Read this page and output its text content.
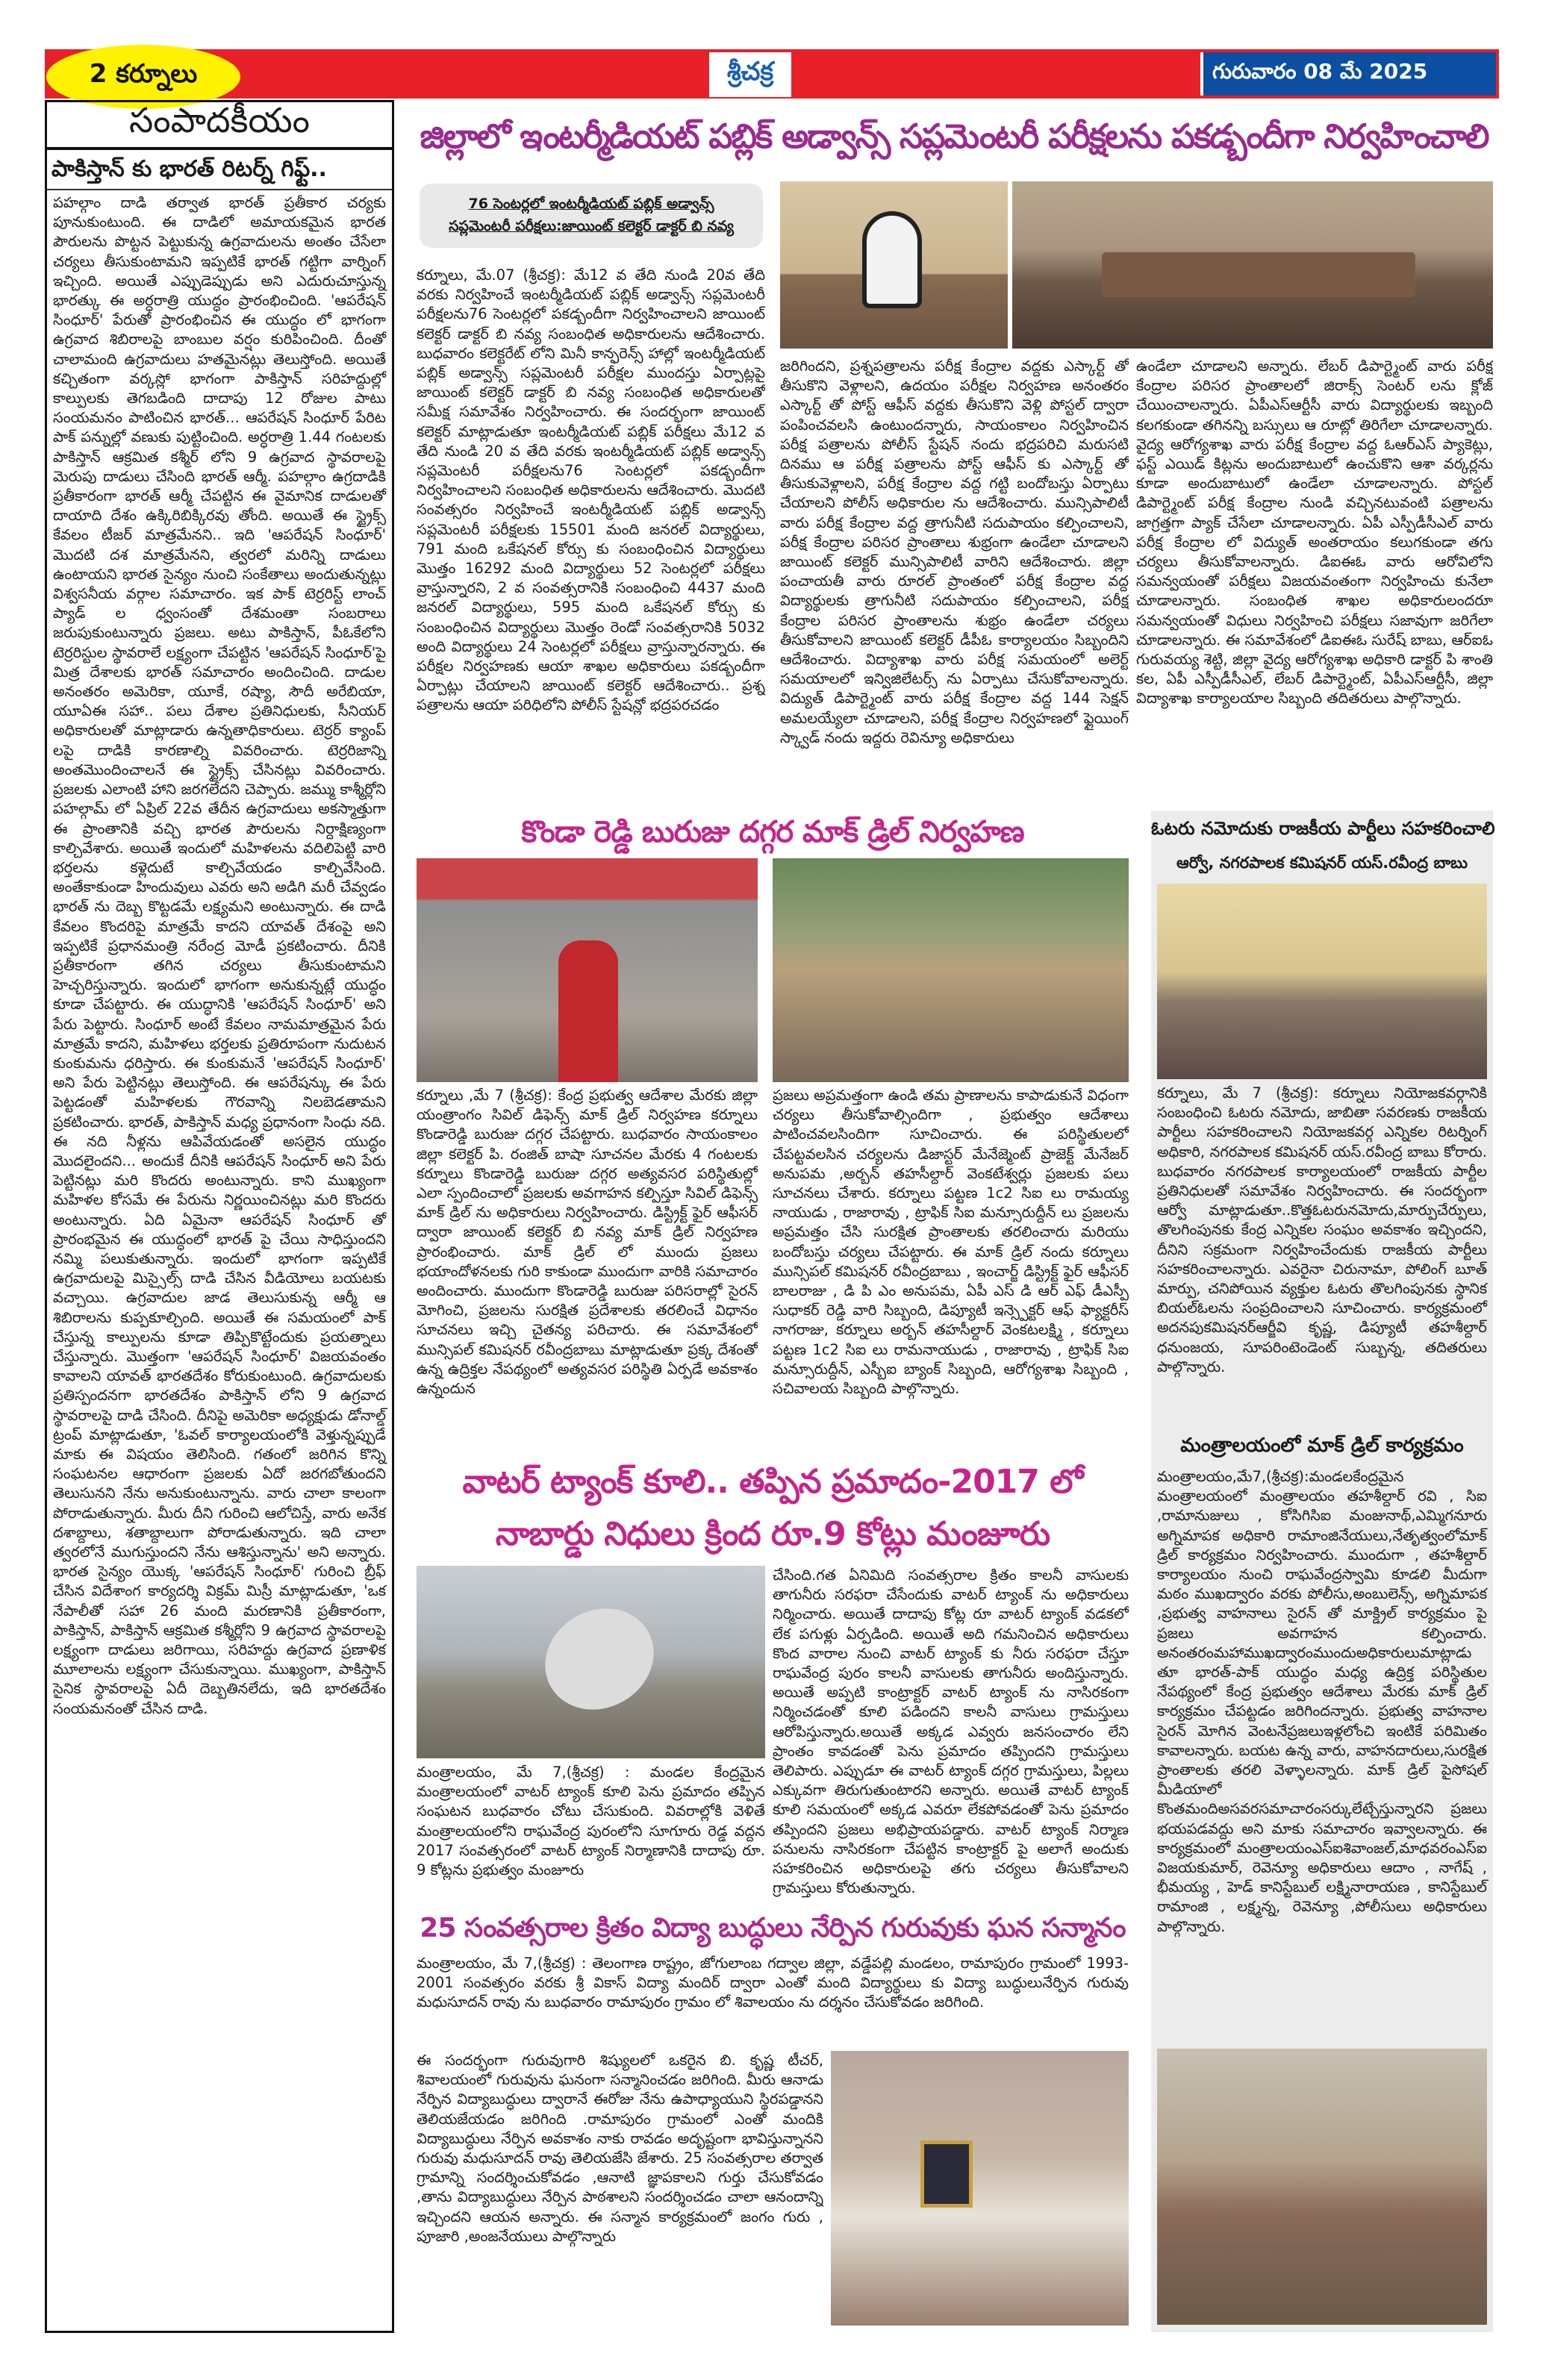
2 కర్నూలు	శ్రీచక్ర	గురువారం 08 మే 2025
సంపాదకీయం
పాకిస్తాన్ కు భారత్ రిటర్న్ గిఫ్ట్..
పహల్గాం దాడి తర్వాత భారత్ ప్రతీకార చర్యకు పూనుకుంటుంది. ఈ దాడిలో అమాయకమైన భారత పౌరులను పొట్టన పెట్టుకున్న ఉగ్రవాదులను అంతం చేసేలా చర్యలు తీసుకుంటామని ఇప్పటికే భారత్ గట్టిగా వార్నింగ్ ఇచ్చింది. అయితే ఎప్పుడెప్పుడు అని ఎదురుచూస్తున్న భారత్కు ఈ అర్ధరాత్రి యుద్ధం ప్రారంభించింది. 'ఆపరేషన్ సింధూర్' పేరుతో ప్రారంభించిన ఈ యుద్ధం లో భాగంగా ఉగ్రవాద శిబిరాలపై బాంబుల వర్షం కురిపించింది. దీంతో చాలామంది ఉగ్రవాదులు హతమైనట్లు తెలుస్తోంది. అయితే కచ్చితంగా వర్కస్లో భాగంగా పాకిస్తాన్ సరిహద్దుల్లో కాల్పులకు తెగబడింది దాదాపు 12 రోజుల పాటు సంయమనం పాటించిన భారత్... ఆపరేషన్ సింధూర్ పేరిట పాక్ పన్నుల్లో వణుకు పుట్టించింది. అర్ధరాత్రి 1.44 గంటలకు పాకిస్తాన్ ఆక్రమిత కశ్మీర్ లోని 9 ఉగ్రవాద స్థావరాలపై మెరుపు దాడులు చేసింది భారత్ ఆర్మీ. పహల్గాం ఉగ్రదాడికి ప్రతీకారంగా భారత్ ఆర్మీ చేపట్టిన ఈ వైమానిక దాడులతో దాయాది దేశం ఉక్కిరిబిక్కిరవు తోంది. అయితే ఈ స్ట్రైక్స్ కేవలం టీజర్ మాత్రమేనని.. ఇది 'ఆపరేషన్ సింధూర్' మొదటి దశ మాత్రమేనని, త్వరలో మరిన్ని దాడులు ఉంటాయని భారత సైన్యం నుంచి సంకేతాలు అందుతున్నట్లు విశ్వసనీయ వర్గాల సమాచారం. ఇక పాక్ టెర్రరిస్ట్ లాంచ్ ప్యాడ్ ల ధ్వంసంతో దేశమంతా సంబరాలు జరుపుకుంటున్నారు ప్రజలు. అటు పాకిస్తాన్, పీఓకేలోని టెర్రరిస్టుల స్థావరాలే లక్ష్యంగా చేపట్టిన 'ఆపరేషన్ సింధూర్'పై మిత్ర దేశాలకు భారత్ సమాచారం అందించింది. దాడుల అనంతరం అమెరికా, యూకే, రష్యా, సౌదీ అరేబియా, యూఏఈ సహా.. పలు దేశాల ప్రతినిధులకు, సీనియర్ అధికారులతో మాట్లాడారు ఉన్నతాధికారులు. టెర్రర్ క్యాంప్ లపై దాడికి కారణాల్ని వివరించారు. టెర్రరిజాన్ని అంతమొందించాలనే ఈ స్ట్రైక్స్ చేసినట్లు వివరించారు. ప్రజలకు ఎలాంటి హాని జరగలేదని చెప్పారు. జమ్ము కాశ్మీర్లోని పహల్గామ్ లో ఏప్రిల్ 22వ తేదీన ఉగ్రవాదులు అకస్మాత్తుగా ఈ ప్రాంతానికి వచ్చి భారత పౌరులను నిర్దాక్షిణ్యంగా కాల్చివేశారు. అయితే ఇందులో మహిళలను వదిలిపెట్టి వారి భర్తలను కళ్లెదుటే కాల్చివేయడం కాల్చివేసింది. అంతేకాకుండా హిందువులు ఎవరు అని అడిగి మరీ చేవ్వడం భారత్ ను దెబ్బ కొట్టడమే లక్ష్యమని అంటున్నారు. ఈ దాడి కేవలం కొందరిపై మాత్రమే కాదని యావత్ దేశంపై అని ఇప్పటికే ప్రధానమంత్రి నరేంద్ర మోడీ ప్రకటించారు. దీనికి ప్రతీకారంగా తగిన చర్యలు తీసుకుంటామని హెచ్చరిస్తున్నారు. ఇందులో భాగంగా అనుకున్నట్లే యుద్ధం కూడా చేపట్టారు. ఈ యుద్ధానికి 'ఆపరేషన్ సింధూర్' అని పేరు పెట్టారు. సింధూర్ అంటే కేవలం నామమాత్రమైన పేరు మాత్రమే కాదని, మహిళలు భర్తలకు ప్రతిరూపంగా నుదుటన కుంకుమను ధరిస్తారు. ఈ కుంకుమనే 'ఆపరేషన్ సింధూర్' అని పేరు పెట్టినట్లు తెలుస్తోంది. ఈ ఆపరేషన్కు ఈ పేరు పెట్టడంతో మహిళలకు గౌరవాన్ని నిలబెడతామని ప్రకటించారు. భారత్, పాకిస్తాన్ మధ్య ప్రధానంగా సింధు నది. ఈ నది నీళ్లను ఆపివేయడంతో అసలైన యుద్ధం మొదలైందని... అందుకే దీనికి ఆపరేషన్ సింధూర్ అని పేరు పెట్టినట్లు మరి కొందరు అంటున్నారు. కాని ముఖ్యంగా మహిళల కోసమే ఈ పేరును నిర్ణయించినట్లు మరి కొందరు అంటున్నారు. ఏది ఏమైనా ఆపరేషన్ సింధూర్ తో ప్రారంభమైన ఈ యుద్ధంలో భారత్ పై చేయి సాధిస్తుందని నమ్మి పలుకుతున్నారు. ఇందులో భాగంగా ఇప్పటికే ఉగ్రవాదులపై మిస్సైల్స్ దాడి చేసిన వీడియోలు బయటకు వచ్చాయి. ఉగ్రవాదుల జాడ తెలుసుకున్న ఆర్మీ ఆ శిబిరాలను కుప్పకూల్చింది. అయితే ఈ సమయంలో పాక్ చేస్తున్న కాల్పులను కూడా తిప్పికొట్టేందుకు ప్రయత్నాలు చేస్తున్నారు. మొత్తంగా 'ఆపరేషన్ సింధూర్' విజయవంతం కావాలని యావత్ భారతదేశం కోరుకుంటుంది. ఉగ్రవాదులకు ప్రతిస్పందనగా భారతదేశం పాకిస్తాన్ లోని 9 ఉగ్రవాద స్థావరాలపై దాడి చేసింది. దీనిపై అమెరికా అధ్యక్షుడు డోనాల్డ్ ట్రంప్ మాట్లాడుతూ, 'ఓవల్ కార్యాలయంలోకి వెళ్తున్నప్పుడే మాకు ఈ విషయం తెలిసింది. గతంలో జరిగిన కొన్ని సంఘటనల ఆధారంగా ప్రజలకు ఏదో జరగబోతుందని తెలుసునని నేను అనుకుంటున్నాను. వారు చాలా కాలంగా పోరాడుతున్నారు. మీరు దీని గురించి ఆలోచిస్తే, వారు అనేక దశాబ్దాలు, శతాబ్దాలుగా పోరాడుతున్నారు. ఇది చాలా త్వరలోనే ముగుస్తుందని నేను ఆశిస్తున్నాను' అని అన్నారు. భారత సైన్యం యొక్క 'ఆపరేషన్ సింధూర్' గురించి బ్రీఫ్ చేసిన విదేశాంగ కార్యదర్శి విక్రమ్ మిస్రీ మాట్లాడుతూ, 'ఒక నేపాలీతో సహా 26 మంది మరణానికి ప్రతీకారంగా, పాకిస్తాన్, పాకిస్తాన్ ఆక్రమిత కశ్మీర్లోని 9 ఉగ్రవాద స్థావరాలపై లక్ష్యంగా దాడులు జరిగాయి, సరిహద్దు ఉగ్రవాద ప్రణాళిక మూలాలను లక్ష్యంగా చేసుకున్నాయి. ముఖ్యంగా, పాకిస్తాన్ సైనిక స్థావరాలపై ఏదీ దెబ్బతినలేదు, ఇది భారతదేశం సంయమనంతో చేసిన దాడి.
జిల్లాలో ఇంటర్మీడియట్ పబ్లిక్ అడ్వాన్స్ సప్లమెంటరీ పరీక్షలను పకడ్బందీగా నిర్వహించాలి
76 సెంటర్లలో ఇంటర్మీడియట్ పబ్లిక్ అడ్వాన్స్
సప్లమెంటరీ పరీక్షలు:జాయింట్ కలెక్టర్ డాక్టర్ బి నవ్య
కర్నూలు, మే.07 (శ్రీచక్ర): మే12 వ తేది నుండి 20వ తేది వరకు నిర్వహించే ఇంటర్మీడియట్ పబ్లిక్ అడ్వాన్స్ సప్లమెంటరీ పరీక్షలను76 సెంటర్లలో పకడ్బందీగా నిర్వహించాలని జాయింట్ కలెక్టర్ డాక్టర్ బి నవ్య సంబంధిత అధికారులను ఆదేశించారు. బుధవారం కలెక్టరేట్ లోని మినీ కాన్ఫరెన్స్ హాల్లో ఇంటర్మీడియట్ పబ్లిక్ అడ్వాన్స్ సప్లమెంటరీ పరీక్షల ముందస్తు ఏర్పాట్లపై జాయింట్ కలెక్టర్ డాక్టర్ బి నవ్య సంబంధిత అధికారులతో సమీక్ష సమావేశం నిర్వహించారు. ఈ సందర్భంగా జాయింట్ కలెక్టర్ మాట్లాడుతూ ఇంటర్మీడియట్ పబ్లిక్ పరీక్షలు మే12 వ తేది నుండి 20 వ తేది వరకు ఇంటర్మీడియట్ పబ్లిక్ అడ్వాన్స్ సప్లమెంటరీ పరీక్షలను76 సెంటర్లలో పకడ్బందీగా నిర్వహించాలని సంబంధిత అధికారులను ఆదేశించారు. మొదటి సంవత్సరం నిర్వహించే ఇంటర్మీడియట్ పబ్లిక్ అడ్వాన్స్ సప్లమెంటరీ పరీక్షలకు 15501 మంది జనరల్ విద్యార్థులు, 791 మంది ఒకేషనల్ కోర్సు కు సంబంధించిన విద్యార్థులు మొత్తం 16292 మంది విద్యార్థులు 52 సెంటర్లలో పరీక్షలు వ్రాస్తున్నారని, 2 వ సంవత్సరానికి సంబంధించి 4437 మంది జనరల్ విద్యార్థులు, 595 మంది ఒకేషనల్ కోర్సు కు సంబంధించిన విద్యార్థులు మొత్తం రెండో సంవత్సరానికి 5032 అంది విద్యార్థులు 24 సెంటర్లలో పరీక్షలు వ్రాస్తున్నారన్నారు. ఈ పరీక్షల నిర్వహణకు ఆయా శాఖల అధికారులు పకడ్బందీగా ఏర్పాట్లు చేయాలని జాయింట్ కలెక్టర్ ఆదేశించారు.. ప్రశ్న పత్రాలను ఆయా పరిధిలోని పోలీస్ స్టేషన్లో భద్రపరచడం
జరిగిందని, ప్రశ్నపత్రాలను పరీక్ష కేంద్రాల వద్దకు ఎస్కార్ట్ తో తీసుకొని వెళ్లాలని, ఉదయం పరీక్షల నిర్వహణ అనంతరం ఎస్కార్ట్ తో పోస్ట్ ఆఫీస్ వద్దకు తీసుకొని వెళ్లి పోస్టల్ ద్వారా పంపించవలసి ఉంటుందన్నారు, సాయంకాలం నిర్వహించిన పరీక్ష పత్రాలను పోలీస్ స్టేషన్ నందు భద్రపరిచి మరుసటి దినము ఆ పరీక్ష పత్రాలను పోస్ట్ ఆఫీస్ కు ఎస్కార్ట్ తో తీసుకువెళ్లాలని, పరీక్ష కేంద్రాల వద్ద గట్టి బందోబస్తు ఏర్పాటు చేయాలని పోలీస్ అధికారుల ను ఆదేశించారు. మున్సిపాలిటీ వారు పరీక్ష కేంద్రాల వద్ద త్రాగునీటి సదుపాయం కల్పించాలని, పరీక్ష కేంద్రాల పరిసర ప్రాంతాలు శుభ్రంగా ఉండేలా చూడాలని జాయింట్ కలెక్టర్ మున్సిపాలిటీ వారిని ఆదేశించారు. జిల్లా పంచాయతీ వారు రూరల్ ప్రాంతంలో పరీక్ష కేంద్రాల వద్ద విద్యార్థులకు త్రాగునీటి సదుపాయం కల్పించాలని, పరీక్ష కేంద్రాల పరిసర ప్రాంతాలను శుభ్రం ఉండేలా చర్యలు తీసుకోవాలని జాయింట్ కలెక్టర్ డీపీఓ కార్యాలయం సిబ్బందిని ఆదేశించారు. విద్యాశాఖ వారు పరీక్ష సమయంలో అలెర్ట్ సమయాలలో ఇన్విజిలేటర్స్ ను ఏర్పాటు చేసుకోవాలన్నారు. విద్యుత్ డిపార్ట్మెంట్ వారు పరీక్ష కేంద్రాల వద్ద 144 సెక్షన్ అమలయ్యేలా చూడాలని, పరీక్ష కేంద్రాల నిర్వహణలో ఫ్లైయింగ్ స్క్వాడ్ నందు ఇద్దరు రెవిన్యూ అధికారులు
ఉండేలా చూడాలని అన్నారు. లేబర్ డిపార్ట్మెంట్ వారు పరీక్ష కేంద్రాల పరిసర ప్రాంతాలలో జిరాక్స్ సెంటర్ లను క్లోజ్ చేయించాలన్నారు. ఏపీఎస్ఆర్టీసీ వారు విద్యార్థులకు ఇబ్బంది కలగకుండా తగినన్ని బస్సులు ఆ రూట్లో తిరిగేలా చూడాలన్నారు. వైద్య ఆరోగ్యశాఖ వారు పరీక్ష కేంద్రాల వద్ద ఓఆర్ఎస్ ప్యాకెట్లు, ఫస్ట్ ఎయిడ్ కిట్లను అందుబాటులో ఉంచుకొని ఆశా వర్కర్లను కూడా అందుబాటులో ఉండేలా చూడాలన్నారు. పోస్టల్ డిపార్ట్మెంట్ పరీక్ష కేంద్రాల నుండి వచ్చినటువంటి పత్రాలను జాగ్రత్తగా ప్యాక్ చేసేలా చూడాలన్నారు. ఏపీ ఎస్పీడీసీఎల్ వారు పరీక్ష కేంద్రాల లో విద్యుత్ అంతరాయం కలుగకుండా తగు చర్యలు తీసుకోవాలన్నారు. డిఐఈఓ వారు ఆరోవిలోని సమన్వయంతో పరీక్షలు విజయవంతంగా నిర్వహించు కునేలా చూడాలన్నారు. సంబంధిత శాఖల అధికారులందరూ సమన్వయంతో విధులు నిర్వహించి పరీక్షలు సజావుగా జరిగేలా చూడాలన్నారు. ఈ సమావేశంలో డిఐఈఓ సురేష్ బాబు, ఆర్ఐఓ గురువయ్య శెట్టి, జిల్లా వైద్య ఆరోగ్యశాఖ అధికారి డాక్టర్ పి శాంతి కల, ఏపీ ఎస్పీడీసీఎల్, లేబర్ డిపార్ట్మెంట్, ఏపీఎస్ఆర్టీసీ, జిల్లా విద్యాశాఖ కార్యాలయాల సిబ్బంది తదితరులు పాల్గొన్నారు.
కొండా రెడ్డి బురుజు దగ్గర మాక్ డ్రిల్ నిర్వహణ
కర్నూలు ,మే 7 (శ్రీచక్ర): కేంద్ర ప్రభుత్వ ఆదేశాల మేరకు జిల్లా యంత్రాంగం సివిల్ డిఫెన్స్ మాక్ డ్రిల్ నిర్వహణ కర్నూలు కొండారెడ్డి బురుజు దగ్గర చేపట్టారు. బుధవారం సాయంకాలం జిల్లా కలెక్టర్ పి. రంజిత్ బాషా సూచనల మేరకు 4 గంటలకు కర్నూలు కొండారెడ్డి బురుజు దగ్గర అత్యవసర పరిస్థితుల్లో ఎలా స్పందించాలో ప్రజలకు అవగాహన కల్పిస్తూ సివిల్ డిఫెన్స్ మాక్ డ్రిల్ ను అధికారులు నిర్వహించారు. డిస్ట్రిక్ట్ ఫైర్ ఆఫీసర్ ద్వారా జాయింట్ కలెక్టర్ బి నవ్య మాక్ డ్రిల్ నిర్వహణ ప్రారంభించారు. మాక్ డ్రిల్ లో ముందు ప్రజలు భయాందోళనలకు గురి కాకుండా ముందుగా వారికి సమాచారం అందించారు. ముందుగా కొండారెడ్డి బురుజు పరిసరాల్లో సైరన్ మోగించి, ప్రజలను సురక్షిత ప్రదేశాలకు తరలించే విధానం సూచనలు ఇచ్చి చైతన్య పరిచారు. ఈ సమావేశంలో మున్సిపల్ కమిషనర్ రవీంద్రబాబు మాట్లాడుతూ ప్రక్క దేశంతో ఉన్న ఉద్రిక్తల నేపథ్యంలో అత్యవసర పరిస్థితి ఏర్పడే అవకాశం ఉన్నందున
ప్రజలు అప్రమత్తంగా ఉండి తమ ప్రాణాలను కాపాడుకునే విధంగా చర్యలు తీసుకోవాల్సిందిగా , ప్రభుత్వం ఆదేశాలు పాటించవలసిందిగా సూచించారు. ఈ పరిస్థితులలో చేపట్టవలసిన చర్యలను డిజాస్టర్ మేనేజ్మెంట్ ప్రాజెక్ట్ మేనేజర్ అనుపమ ,అర్బన్ తహసీల్దార్ వెంకటేశ్వర్లు ప్రజలకు పలు సూచనలు చేశారు. కర్నూలు పట్టణ 1c2 సిఐ లు రామయ్య నాయుడు , రాజారావు , ట్రాఫిక్ సిఐ మన్సూరుద్దీన్ లు ప్రజలను అప్రమత్తం చేసి సురక్షిత ప్రాంతాలకు తరలించారు మరియు బందోబస్తు చర్యలు చేపట్టారు. ఈ మాక్ డ్రిల్ నందు కర్నూలు మున్సిపల్ కమిషనర్ రవీంద్రబాబు , ఇంచార్జ్ డిస్ట్రిక్ట్ ఫైర్ ఆఫీసర్ బాలరాజు , డి పి ఎం అనుపమ, ఏపీ ఎస్ డి ఆర్ ఎఫ్ డీఎస్పీ సుధాకర్ రెడ్డి వారి సిబ్బంది, డిప్యూటీ ఇన్స్పెక్టర్ ఆఫ్ ఫ్యాక్టరీస్ నాగరాజు, కర్నూలు అర్బన్ తహసీల్దార్ వెంకటలక్ష్మి , కర్నూలు పట్టణ 1c2 సిఐ లు రామనాయుడు , రాజారావు , ట్రాఫిక్ సిఐ మన్సూరుద్దీన్, ఎస్బీఐ బ్యాంక్ సిబ్బంది, ఆరోగ్యశాఖ సిబ్బంది , సచివాలయ సిబ్బంది పాల్గొన్నారు.
ఓటరు నమోదుకు రాజకీయ పార్టీలు సహకరించాలి
ఆర్వో, నగరపాలక కమిషనర్ యస్.రవీంద్ర బాబు
కర్నూలు, మే 7 (శ్రీచక్ర): కర్నూలు నియోజకవర్గానికి సంబంధించి ఓటరు నమోదు, జాబితా సవరణకు రాజకీయ పార్టీలు సహకరించాలని నియోజకవర్గ ఎన్నికల రిటర్నింగ్ అధికారి, నగరపాలక కమిషనర్ యస్.రవీంద్ర బాబు కోరారు. బుధవారం నగరపాలక కార్యాలయంలో రాజకీయ పార్టీల ప్రతినిధులతో సమావేశం నిర్వహించారు. ఈ సందర్భంగా ఆర్వో మాట్లాడుతూ..కొత్తఓటరునమోదు,మార్పుచేర్పులు, తొలగింపునకు కేంద్ర ఎన్నికల సంఘం అవకాశం ఇచ్చిందని, దీనిని సక్రమంగా నిర్వహించేందుకు రాజకీయ పార్టీలు సహకరించాలన్నారు. ఎవరైనా చిరునామా, పోలింగ్ బూత్ మార్పు, చనిపోయిన వ్యక్తుల ఓటరు తొలగింపునకు స్థానిక బియల్ఓలను సంప్రదించాలని సూచించారు. కార్యక్రమంలో అదనపుకమిషనర్ఆర్జీవి కృష్ణ, డిప్యూటీ తహశీల్దార్ ధనుంజయ, సూపరింటెండెంట్ సుబ్బన్న, తదితరులు పాల్గొన్నారు.
మంత్రాలయంలో మాక్ డ్రిల్ కార్యక్రమం
మంత్రాలయం,మే7,(శ్రీచక్ర):మండలకేంద్రమైన మంత్రాలయంలో మంత్రాలయం తహశీల్దార్ రవి , సిఐ ,రామానుజులు , కోసిగిసిఐ మంజునాథ్,ఎమ్మిగనూరు అగ్నిమాపక అధికారి రామాంజినేయులు,నేతృత్వంలోమాక్ డ్రిల్ కార్యక్రమం నిర్వహించారు. ముందుగా , తహశీల్దార్ కార్యాలయం నుంచి రాఘవేంద్రస్వామి కూడలి మీదుగా మఠం ముఖద్వారం వరకు పోలీసు,అంబులెన్స్, అగ్నిమాపక ,ప్రభుత్వ వాహనాలు సైరన్ తో మాక్డ్రిల్ కార్యక్రమం పై ప్రజలు అవగాహన కల్పించారు. అనంతరంమహాముఖద్వారంముందుఅధికారులుమాట్లాడుతూ భారత్-పాక్ యుద్ధం మధ్య ఉద్రిక్త పరిస్థితుల నేపథ్యంలో కేంద్ర ప్రభుత్వం ఆదేశాలు మేరకు మాక్ డ్రిల్ కార్యక్రమం చేపట్టడం జరిగిందన్నారు. ప్రభుత్వ వాహనాల సైరన్ మోగిన వెంటనేప్రజలుఇళ్లలోంచి ఇంటికే పరిమితం కావాలన్నారు. బయట ఉన్న వారు, వాహనదారులు,సురక్షిత ప్రాంతాలకు తరలి వెళ్ళాలన్నారు. మాక్ డ్రిల్ పైసోషల్ మీడియాలో కొంతమందిఅసవరసమాచారంసర్కులేట్చేస్తున్నారని ప్రజలు భయపడవద్దు అని మాకు సమాచారం ఇవ్వాలన్నారు. ఈ కార్యక్రమంలో మంత్రాలయంఎస్ఐశివాంజల్,మాధవరంఎస్ఐ విజయకుమార్, రెవెన్యూ అధికారులు ఆదాం , నాగేష్ , భీమయ్య , హెడ్ కానిస్టేబుల్ లక్ష్మినారాయణ , కానిస్టేబుల్ రామాంజి , లక్ష్మన్న, రెవెన్యూ ,పోలీసులు అధికారులు పాల్గొన్నారు.
వాటర్ ట్యాంక్ కూలి.. తప్పిన ప్రమాదం-2017 లో
నాబార్డు నిధులు క్రింద రూ.9 కోట్లు మంజూరు
మంత్రాలయం, మే 7,(శ్రీచక్ర) : మండల కేంద్రమైన మంత్రాలయంలో వాటర్ ట్యాంక్ కూలి పెను ప్రమాదం తప్పిన సంఘటన బుధవారం చోటు చేసుకుంది. వివరాల్లోకి వెళితే మంత్రాలయంలోని రాఘవేంద్ర పురంలోని సూగూరు రెడ్డ వద్దన 2017 సంవత్సరంలో వాటర్ ట్యాంక్ నిర్మాణానికి దాదాపు రూ. 9 కోట్లను ప్రభుత్వం మంజూరు
చేసింది.గత ఏనిమిది సంవత్సరాల క్రితం కాలనీ వాసులకు తాగునీరు సరఫరా చేసేందుకు వాటర్ ట్యాంక్ ను అధికారులు నిర్మించారు. అయితే దాదాపు కోట్ల రూ వాటర్ ట్యాంక్ వడకలో లేక పగుళ్లు ఏర్పడింది. అయితే అది గమనించిన అధికారులు కొంద వారాల నుంచి వాటర్ ట్యాంక్ కు నీరు సరఫరా చేస్తూ రాఘవేంద్ర పురం కాలనీ వాసులకు తాగునీరు అందిస్తున్నారు. అయితే అప్పటి కాంట్రాక్టర్ వాటర్ ట్యాంక్ ను నాసిరకంగా నిర్మించడంతో కూలి పడిందని కాలనీ వాసులు గ్రామస్తులు ఆరోపిస్తున్నారు.అయితే అక్కడ ఎవ్వరు జనసంచారం లేని ప్రాంతం కావడంతో పెను ప్రమాదం తప్పిందని గ్రామస్తులు తెలిపారు. ఎప్పుడూ ఈ వాటర్ ట్యాంక్ దగ్గర గ్రామస్తులు, పిల్లలు ఎక్కువగా తిరుగుతుంటారని అన్నారు. అయితే వాటర్ ట్యాంక్ కూలి సమయంలో అక్కడ ఎవరూ లేకపోవడంతో పెను ప్రమాదం తప్పిందని ప్రజలు అభిప్రాయపడ్డారు. వాటర్ ట్యాంక్ నిర్మాణ పనులను నాసిరకంగా చేపట్టిన కాంట్రాక్టర్ పై అలాగే అందుకు సహకరించిన అధికారులపై తగు చర్యలు తీసుకోవాలని గ్రామస్తులు కోరుతున్నారు.
25 సంవత్సరాల క్రితం విద్యా బుద్ధులు నేర్పిన గురువుకు ఘన సన్మానం
మంత్రాలయం, మే 7,(శ్రీచక్ర) : తెలంగాణ రాష్ట్రం, జోగులాంబ గద్వాల జిల్లా, వడ్డేపల్లి మండలం, రామాపురం గ్రామంలో 1993-2001 సంవత్సరం వరకు శ్రీ వికాస్ విద్యా మందిర్ ద్వారా ఎంతో మంది విద్యార్థులు కు విద్యా బుద్ధులునేర్పిన గురువు మధుసూదన్ రావు ను బుధవారం రామాపురం గ్రామం లో శివాలయం ను దర్శనం చేసుకోవడం జరిగింది.
ఈ సందర్భంగా గురువుగారి శిష్యులలో ఒకరైన బి. కృష్ణ టీచర్, శివాలయంలో గురువును ఘనంగా సన్మానించడం జరిగింది. మీరు ఆనాడు నేర్పిన విద్యాబుద్ధులు ద్వారానే ఈరోజు నేను ఉపాధ్యాయుని స్థిరపడ్డానని తెలియజేయడం జరిగింది .రామాపురం గ్రామంలో ఎంతో మందికి విద్యాబుద్ధులు నేర్పిన అవకాశం నాకు రావడం అదృష్టంగా భావిస్తున్నానని గురువు మధుసూదన్ రావు తెలియజేసి జేశారు. 25 సంవత్సరాల తర్వాత గ్రామాన్ని సందర్శించుకోవడం ,ఆనాటి జ్ఞాపకాలని గుర్తు చేసుకోవడం ,తాను విద్యాబుద్ధులు నేర్పిన పాఠశాలని సందర్శించడం చాలా ఆనందాన్ని ఇచ్చిందని ఆయన అన్నారు. ఈ సన్మాన కార్యక్రమంలో జంగం గురు , పూజారి ,అంజనేయులు పాల్గొన్నారు
